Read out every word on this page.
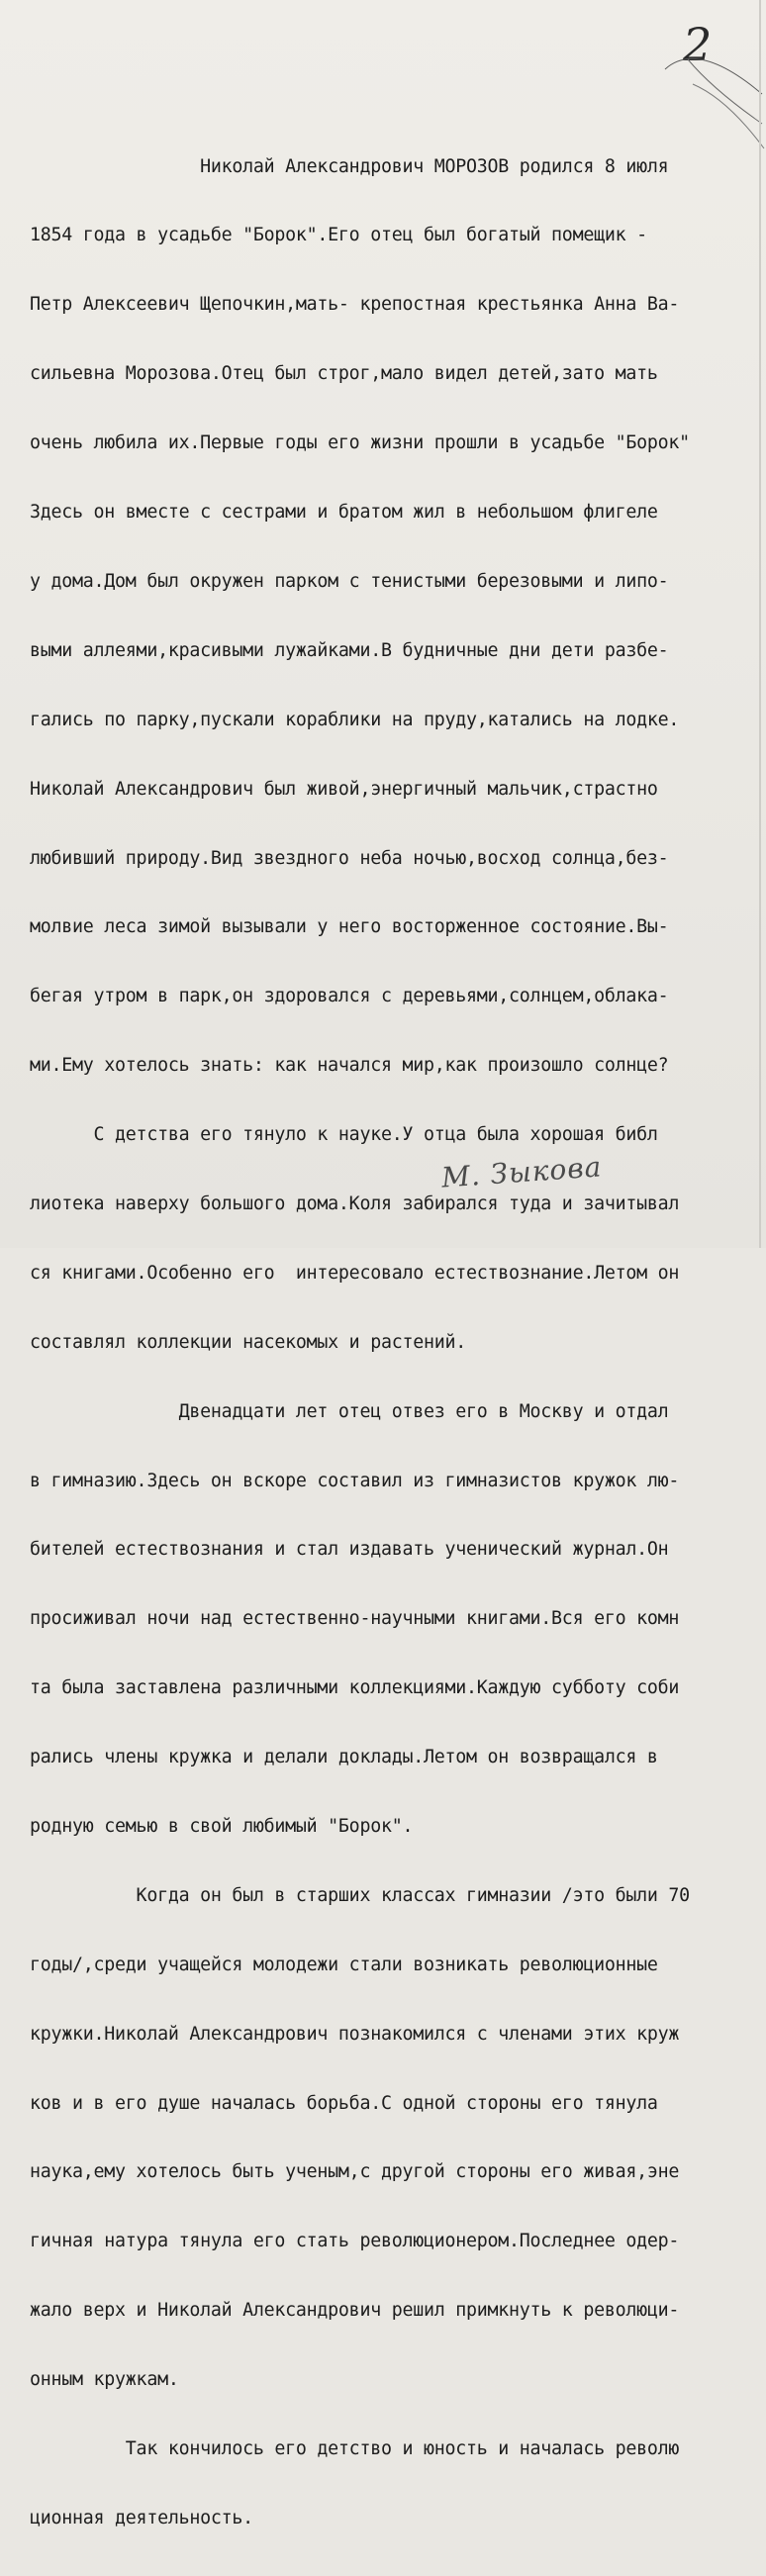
2

Николай Александрович МОРОЗОВ родился 8 июля

1854 года в усадьбе "Борок".Его отец был богатый помещик -

Петр Алексеевич Щепочкин,мать- крепостная крестьянка Анна Ва-

сильевна Морозова.Отец был строг,мало видел детей,зато мать

очень любила их.Первые годы его жизни прошли в усадьбе "Борок"

Здесь он вместе с сестрами и братом жил в небольшом флигеле

у дома.Дом был окружен парком с тенистыми березовыми и липо-

выми аллеями,красивыми лужайками.В будничные дни дети разбе-

гались по парку,пускали кораблики на пруду,катались на лодке.

Николай Александрович был живой,энергичный мальчик,страстно

любивший природу.Вид звездного неба ночью,восход солнца,без-

молвие леса зимой вызывали у него восторженное состояние.Вы-

бегая утром в парк,он здоровался с деревьями,солнцем,облака-

ми.Ему хотелось знать: как начался мир,как произошло солнце?

С детства его тянуло к науке.У отца была хорошая библ

лиотека наверху большого дома.Коля забирался туда и зачитывал

ся книгами.Особенно его  интересовало естествознание.Летом он

составлял коллекции насекомых и растений.

Двенадцати лет отец отвез его в Москву и отдал

в гимназию.Здесь он вскоре составил из гимназистов кружок лю-

бителей естествознания и стал издавать ученический журнал.Он

просиживал ночи над естественно-научными книгами.Вся его комн

та была заставлена различными коллекциями.Каждую субботу соби

рались члены кружка и делали доклады.Летом он возвращался в

родную семью в свой любимый "Борок".

Когда он был в старших классах гимназии /это были 70

годы/,среди учащейся молодежи стали возникать революционные

кружки.Николай Александрович познакомился с членами этих круж

ков и в его душе началась борьба.С одной стороны его тянула

наука,ему хотелось быть ученым,с другой стороны его живая,эне

гичная натура тянула его стать революционером.Последнее одер-

жало верх и Николай Александрович решил примкнуть к революци-

онным кружкам.

Так кончилось его детство и юность и началась револю

ционная деятельность.

М. Зыкова
